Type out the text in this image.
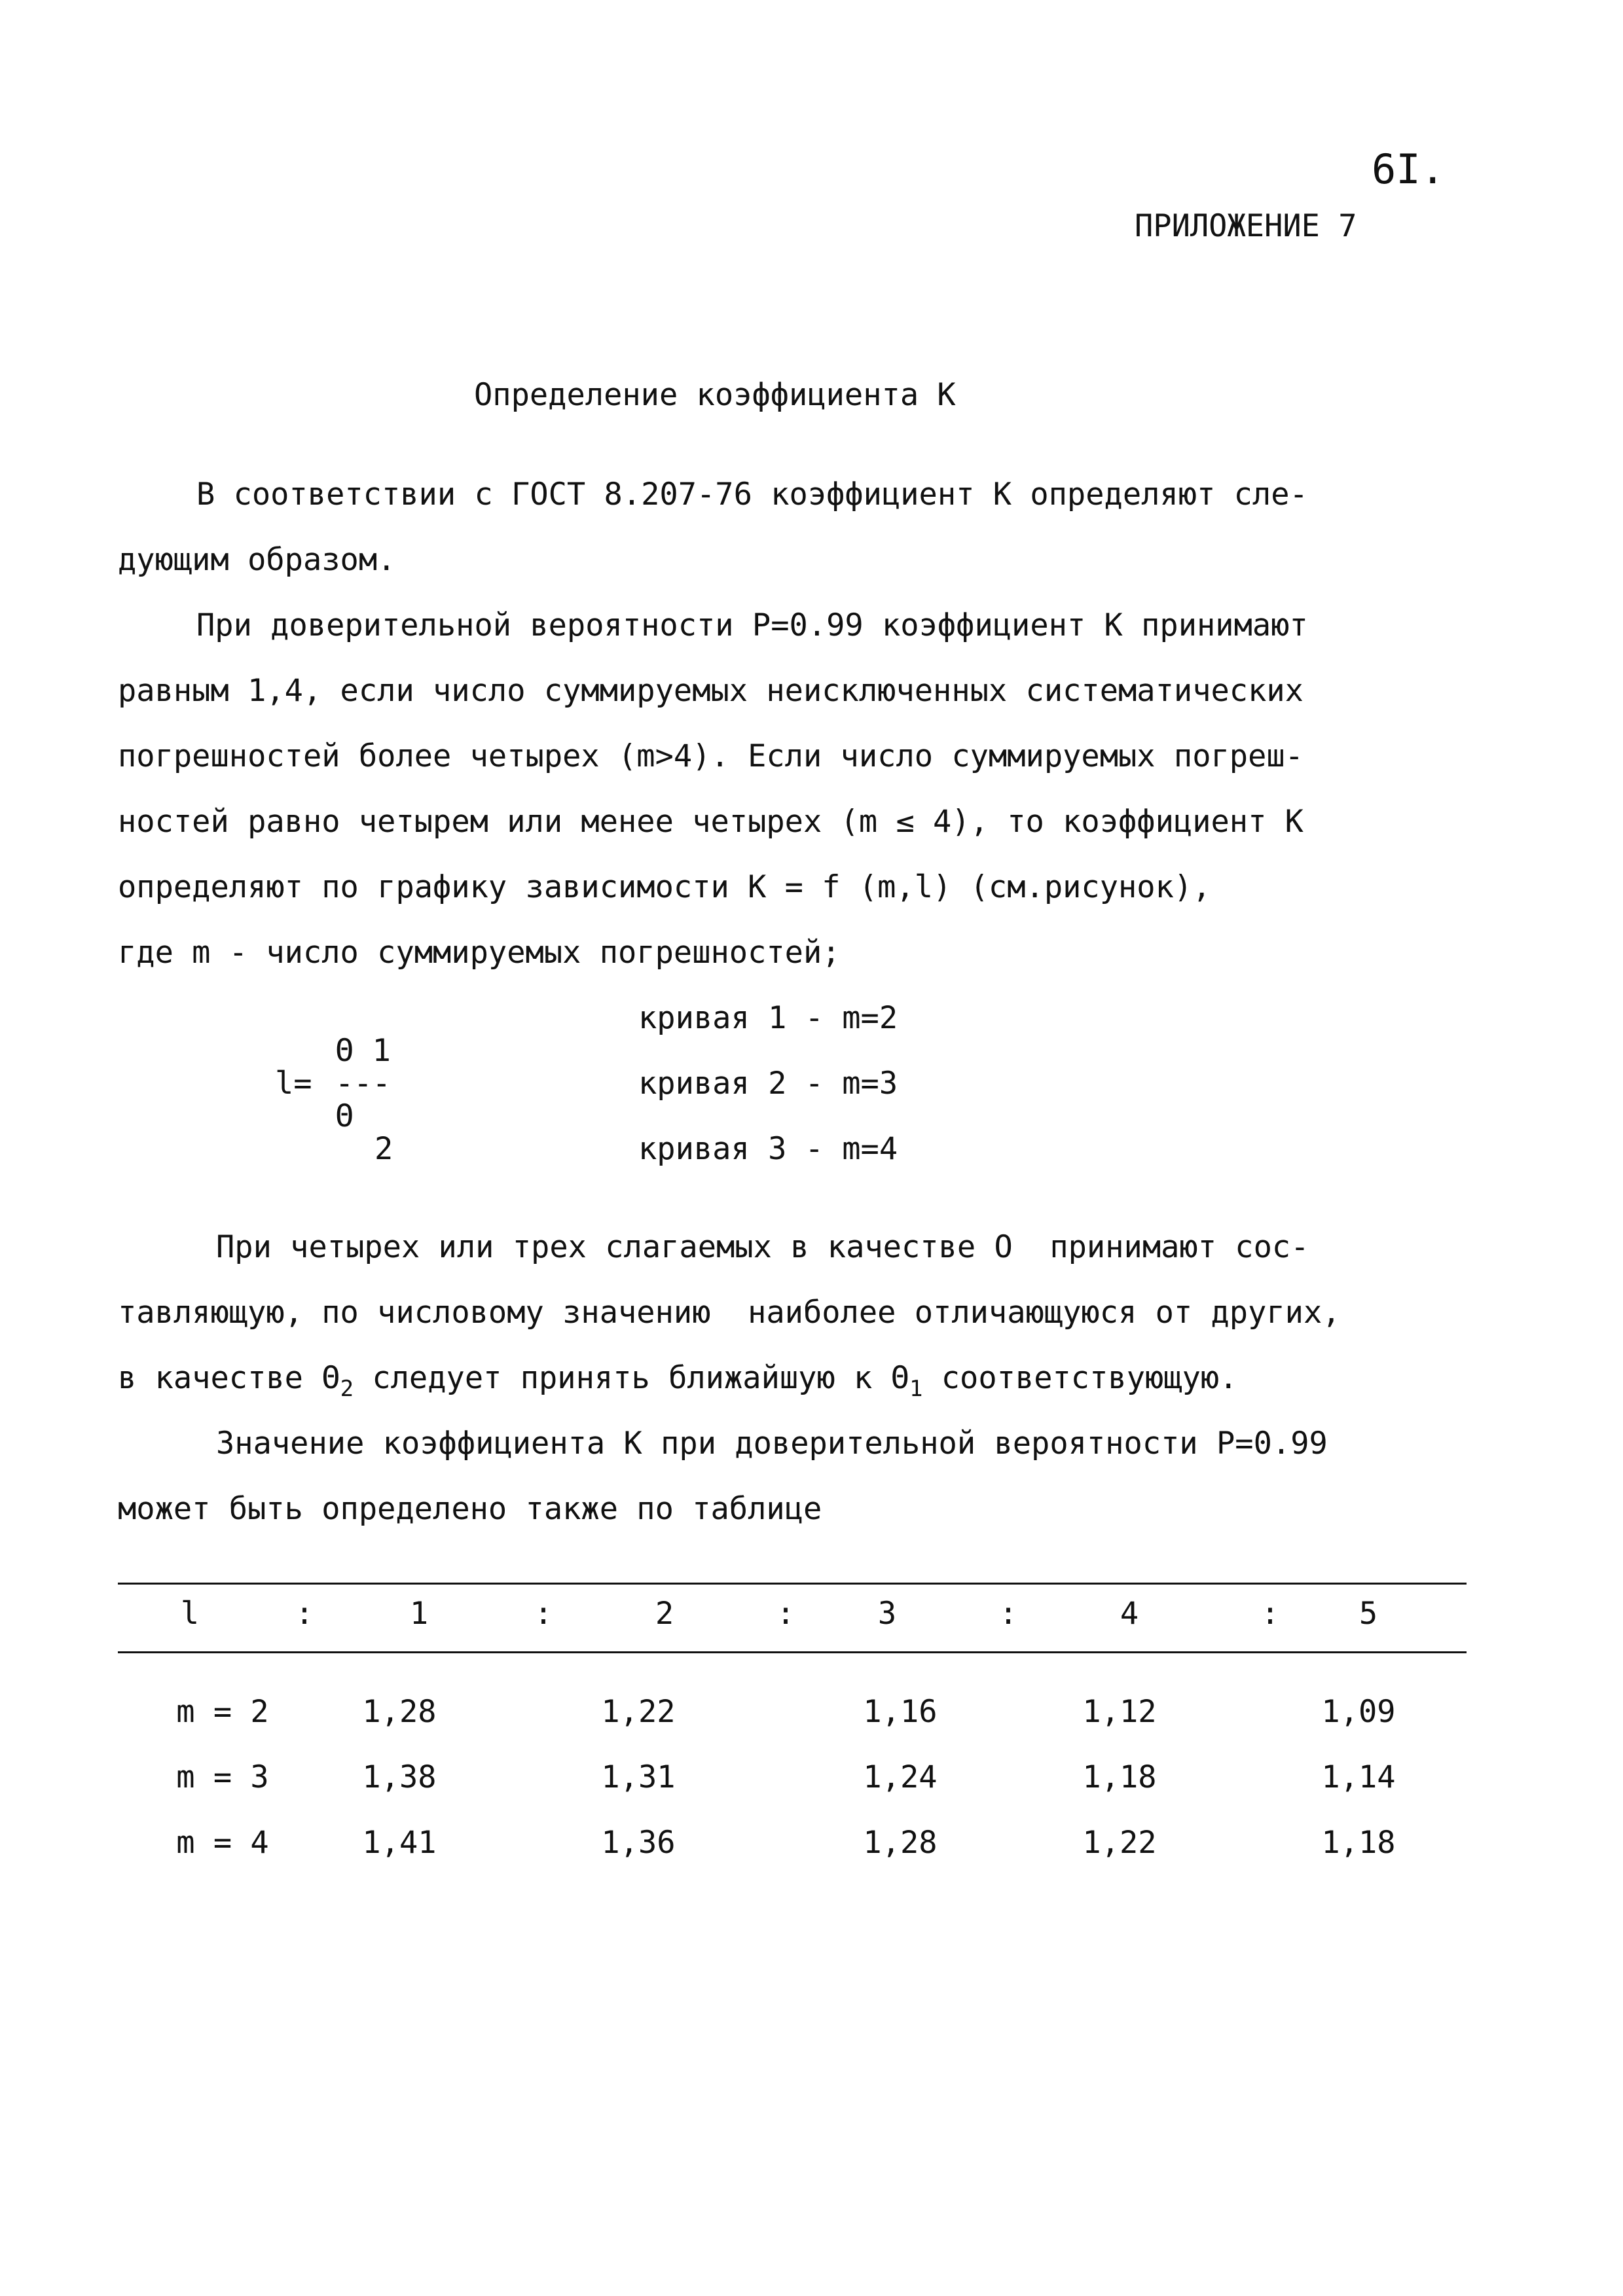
6I.
ПРИЛОЖЕНИЕ 7
Определение коэффициента К
В соответствии с ГОСТ 8.207-76 коэффициент К определяют сле-
дующим образом.
При доверительной вероятности Р=0.99 коэффициент К принимают
равным 1,4, если число суммируемых неисключенных систематических
погрешностей более четырех (m>4). Если число суммируемых погреш-
ностей равно четырем или менее четырех (m ≤ 4), то коэффициент К
определяют по графику зависимости К = f (m,l) (см.рисунок),
где m - число суммируемых погрешностей;
Θ 1
l= ---
Θ
2
кривая 1 - m=2
кривая 2 - m=3
кривая 3 - m=4
При четырех или трех слагаемых в качестве О  принимают сос-
тавляющую, по числовому значению  наиболее отличающуюся от других,
в качестве $\Theta_2$ следует принять ближайшую к $\Theta_1$ соответствующую.
Значение коэффициента К при доверительной вероятности Р=0.99
может быть определено также по таблице
l	:	1	:	2	:	3	:	4	:	5
m = 2	1,28	1,22	1,16	1,12	1,09
m = 3	1,38	1,31	1,24	1,18	1,14
m = 4	1,41	1,36	1,28	1,22	1,18
